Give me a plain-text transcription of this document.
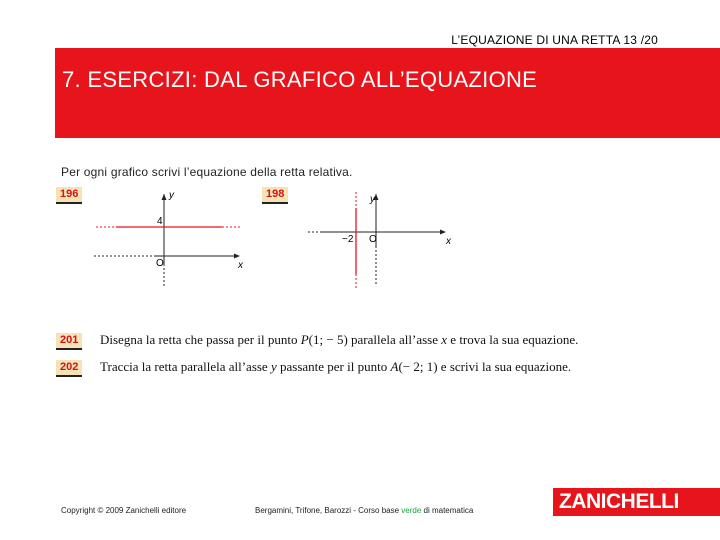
L’EQUAZIONE DI UNA RETTA 13 /20
7. ESERCIZI: DAL GRAFICO ALL’EQUAZIONE
Per ogni grafico scrivi l’equazione della retta relativa.
196
x
y
O
4
198
x
y
O
−2
201	Disegna la retta che passa per il punto P(1; − 5) parallela all’asse x e trova la sua equazione.
202	Traccia la retta parallela all’asse y passante per il punto A(− 2; 1) e scrivi la sua equazione.
Copyright © 2009 Zanichelli editore	Bergamini, Trifone, Barozzi - Corso base verde di matematica	ZANICHELLI
